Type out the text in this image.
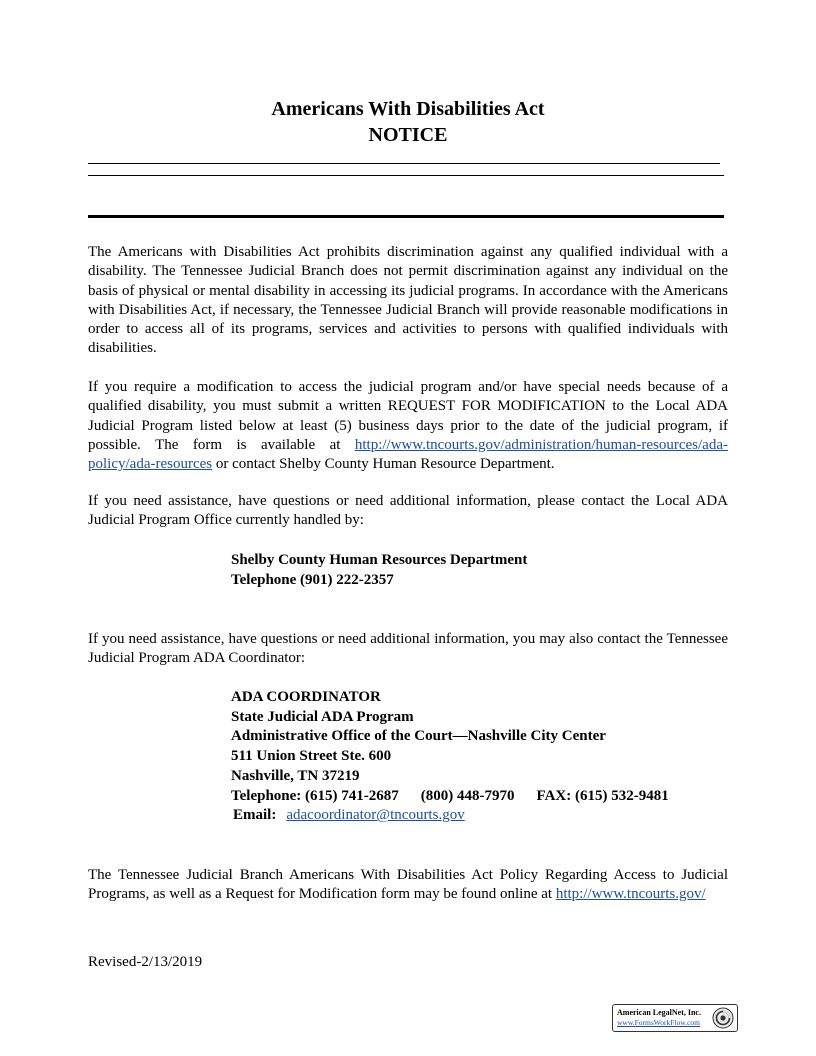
Americans With Disabilities Act
NOTICE
The Americans with Disabilities Act prohibits discrimination against any qualified individual with a disability. The Tennessee Judicial Branch does not permit discrimination against any individual on the basis of physical or mental disability in accessing its judicial programs. In accordance with the Americans with Disabilities Act, if necessary, the Tennessee Judicial Branch will provide reasonable modifications in order to access all of its programs, services and activities to persons with qualified individuals with disabilities.
If you require a modification to access the judicial program and/or have special needs because of a qualified disability, you must submit a written REQUEST FOR MODIFICATION to the Local ADA Judicial Program listed below at least (5) business days prior to the date of the judicial program, if possible. The form is available at http://www.tncourts.gov/administration/human-resources/ada-policy/ada-resources or contact Shelby County Human Resource Department.
If you need assistance, have questions or need additional information, please contact the Local ADA Judicial Program Office currently handled by:
Shelby County Human Resources Department
Telephone (901) 222-2357
If you need assistance, have questions or need additional information, you may also contact the Tennessee Judicial Program ADA Coordinator:
ADA COORDINATOR
State Judicial ADA Program
Administrative Office of the Court—Nashville City Center
511 Union Street Ste. 600
Nashville, TN 37219
Telephone: (615) 741-2687 (800) 448-7970 FAX: (615) 532-9481
Email: adacoordinator@tncourts.gov
The Tennessee Judicial Branch Americans With Disabilities Act Policy Regarding Access to Judicial Programs, as well as a Request for Modification form may be found online at http://www.tncourts.gov/
Revised-2/13/2019
American LegalNet, Inc.
www.FormsWorkFlow.com
